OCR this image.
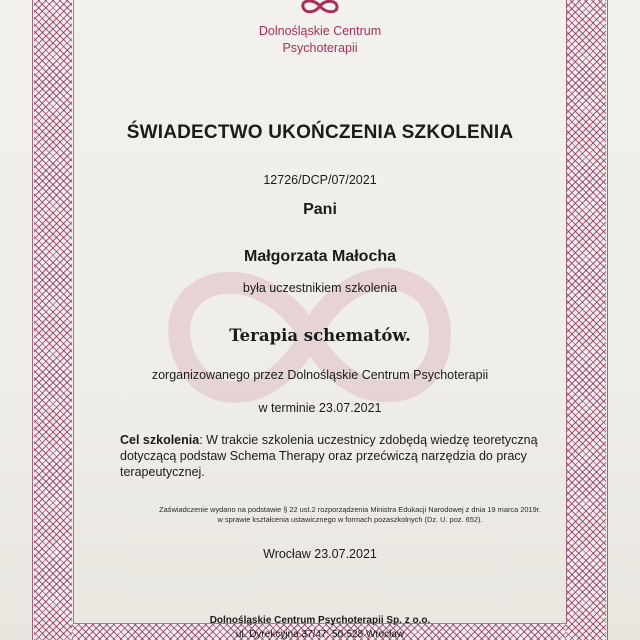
Dolnośląskie Centrum
Psychoterapii
ŚWIADECTWO UKOŃCZENIA SZKOLENIA
12726/DCP/07/2021
Pani
Małgorzata Małocha
była uczestnikiem szkolenia
Terapia schematów.
zorganizowanego przez Dolnośląskie Centrum Psychoterapii
w terminie 23.07.2021
Cel szkolenia: W trakcie szkolenia uczestnicy zdobędą wiedzę teoretyczną dotyczącą podstaw Schema Therapy oraz przećwiczą narzędzia do pracy terapeutycznej.
Zaświadczenie wydano na podstawie § 22 ust.2 rozporządzenia Ministra Edukacji Narodowej z dnia 19 marca 2019r.
w sprawie kształcenia ustawicznego w formach pozaszkolnych (Dz. U. poz. 652).
Wrocław 23.07.2021
Dolnośląskie Centrum Psychoterapii Sp. z o.o.
ul. Dyrekcyjna 37/47; 50-528 Wrocław
